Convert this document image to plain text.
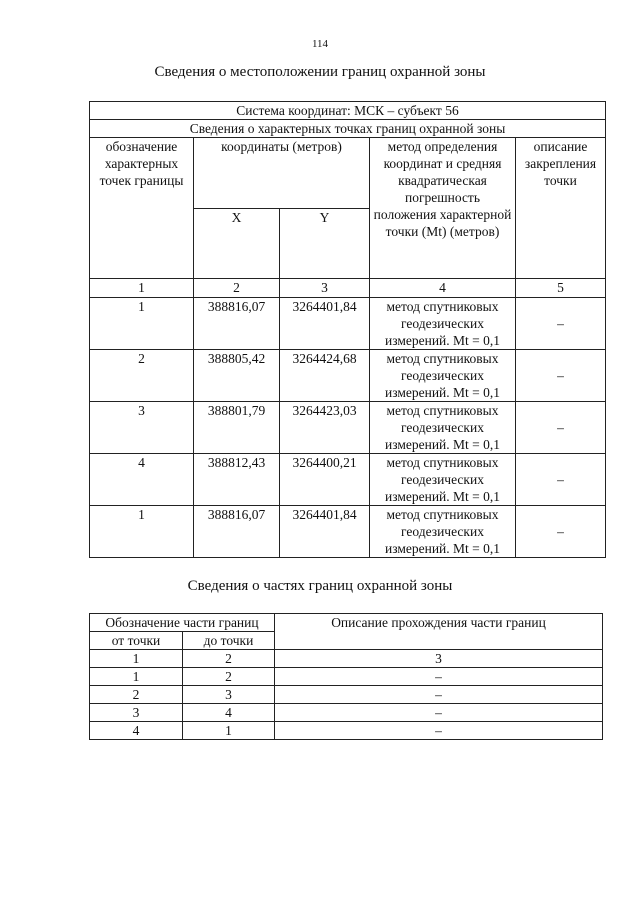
114
Сведения о местоположении границ охранной зоны
Система координат: МСК – субъект 56				
Сведения о характерных точках границ охранной зоны				
обозначение характерных точек границы	координаты (метров)		метод определения координат и средняя квадратическая погрешность положения характерной точки (Mt) (метров)	описание закрепления точки
	X	Y		
1	2	3	4	5
1	388816,07	3264401,84	метод спутниковых геодезических измерений. Mt = 0,1	–
2	388805,42	3264424,68	метод спутниковых геодезических измерений. Mt = 0,1	–
3	388801,79	3264423,03	метод спутниковых геодезических измерений. Mt = 0,1	–
4	388812,43	3264400,21	метод спутниковых геодезических измерений. Mt = 0,1	–
1	388816,07	3264401,84	метод спутниковых геодезических измерений. Mt = 0,1	–
Сведения о частях границ охранной зоны
Обозначение части границ		Описание прохождения части границ
от точки	до точки	
1	2	3
1	2	–
2	3	–
3	4	–
4	1	–
